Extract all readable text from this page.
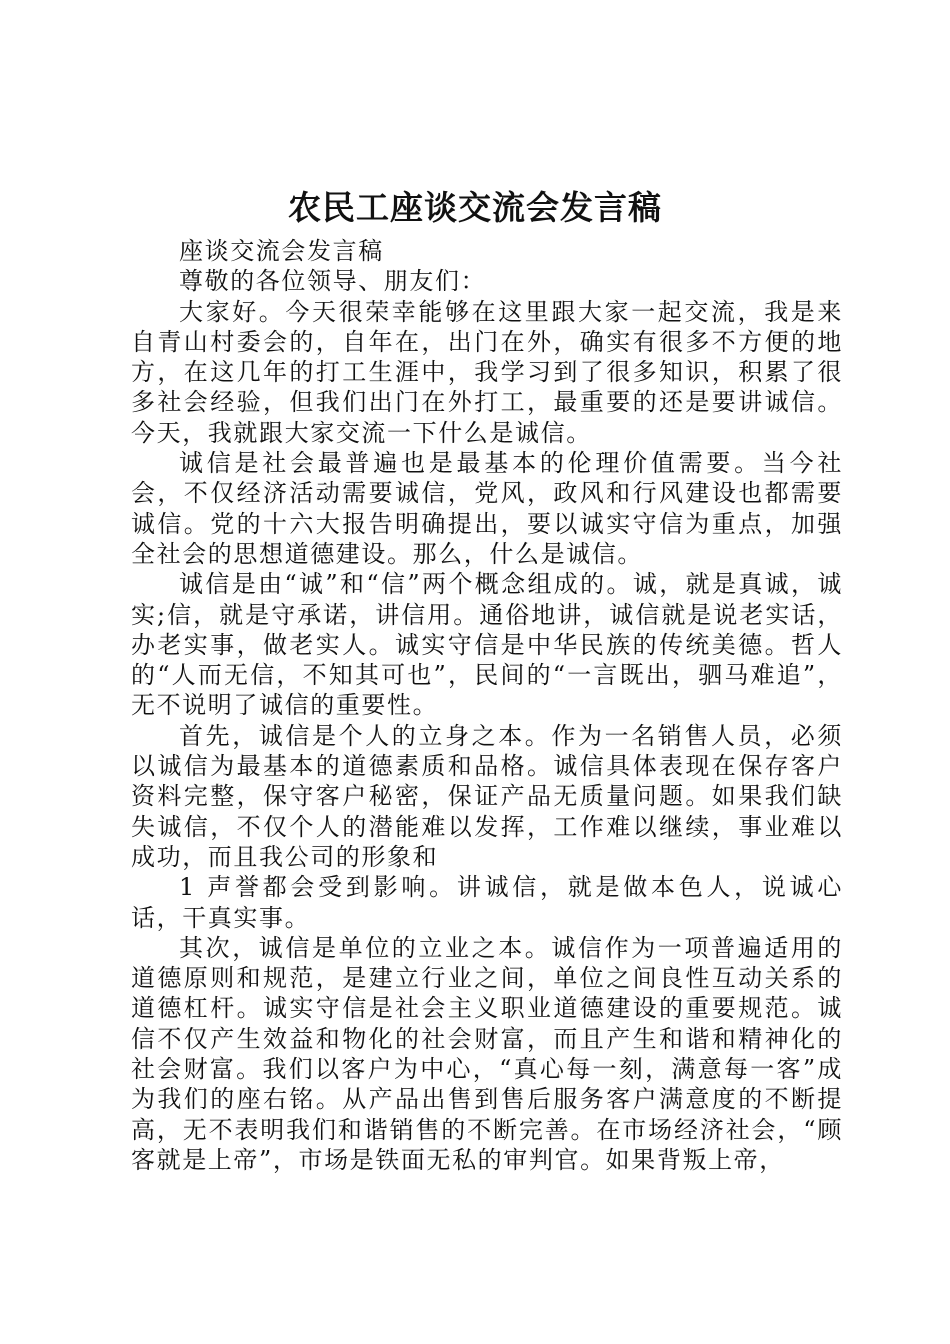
农民工座谈交流会发言稿

座谈交流会发言稿

尊敬的各位领导、朋友们：

大家好。今天很荣幸能够在这里跟大家一起交流，我是来自青山村委会的，自年在，出门在外，确实有很多不方便的地方，在这几年的打工生涯中，我学习到了很多知识，积累了很多社会经验，但我们出门在外打工，最重要的还是要讲诚信。今天，我就跟大家交流一下什么是诚信。

诚信是社会最普遍也是最基本的伦理价值需要。当今社会，不仅经济活动需要诚信，党风，政风和行风建设也都需要诚信。党的十六大报告明确提出，要以诚实守信为重点，加强全社会的思想道德建设。那么，什么是诚信。

诚信是由“诚”和“信”两个概念组成的。诚，就是真诚，诚实;信，就是守承诺，讲信用。通俗地讲，诚信就是说老实话，办老实事，做老实人。诚实守信是中华民族的传统美德。哲人的“人而无信，不知其可也”，民间的“一言既出，驷马难追”，无不说明了诚信的重要性。

首先，诚信是个人的立身之本。作为一名销售人员，必须以诚信为最基本的道德素质和品格。诚信具体表现在保存客户资料完整，保守客户秘密，保证产品无质量问题。如果我们缺失诚信，不仅个人的潜能难以发挥，工作难以继续，事业难以成功，而且我公司的形象和

1 声誉都会受到影响。讲诚信，就是做本色人，说诚心话，干真实事。

其次，诚信是单位的立业之本。诚信作为一项普遍适用的道德原则和规范，是建立行业之间，单位之间良性互动关系的道德杠杆。诚实守信是社会主义职业道德建设的重要规范。诚信不仅产生效益和物化的社会财富，而且产生和谐和精神化的社会财富。我们以客户为中心，“真心每一刻，满意每一客”成为我们的座右铭。从产品出售到售后服务客户满意度的不断提高，无不表明我们和谐销售的不断完善。在市场经济社会，“顾客就是上帝”，市场是铁面无私的审判官。如果背叛上帝，
